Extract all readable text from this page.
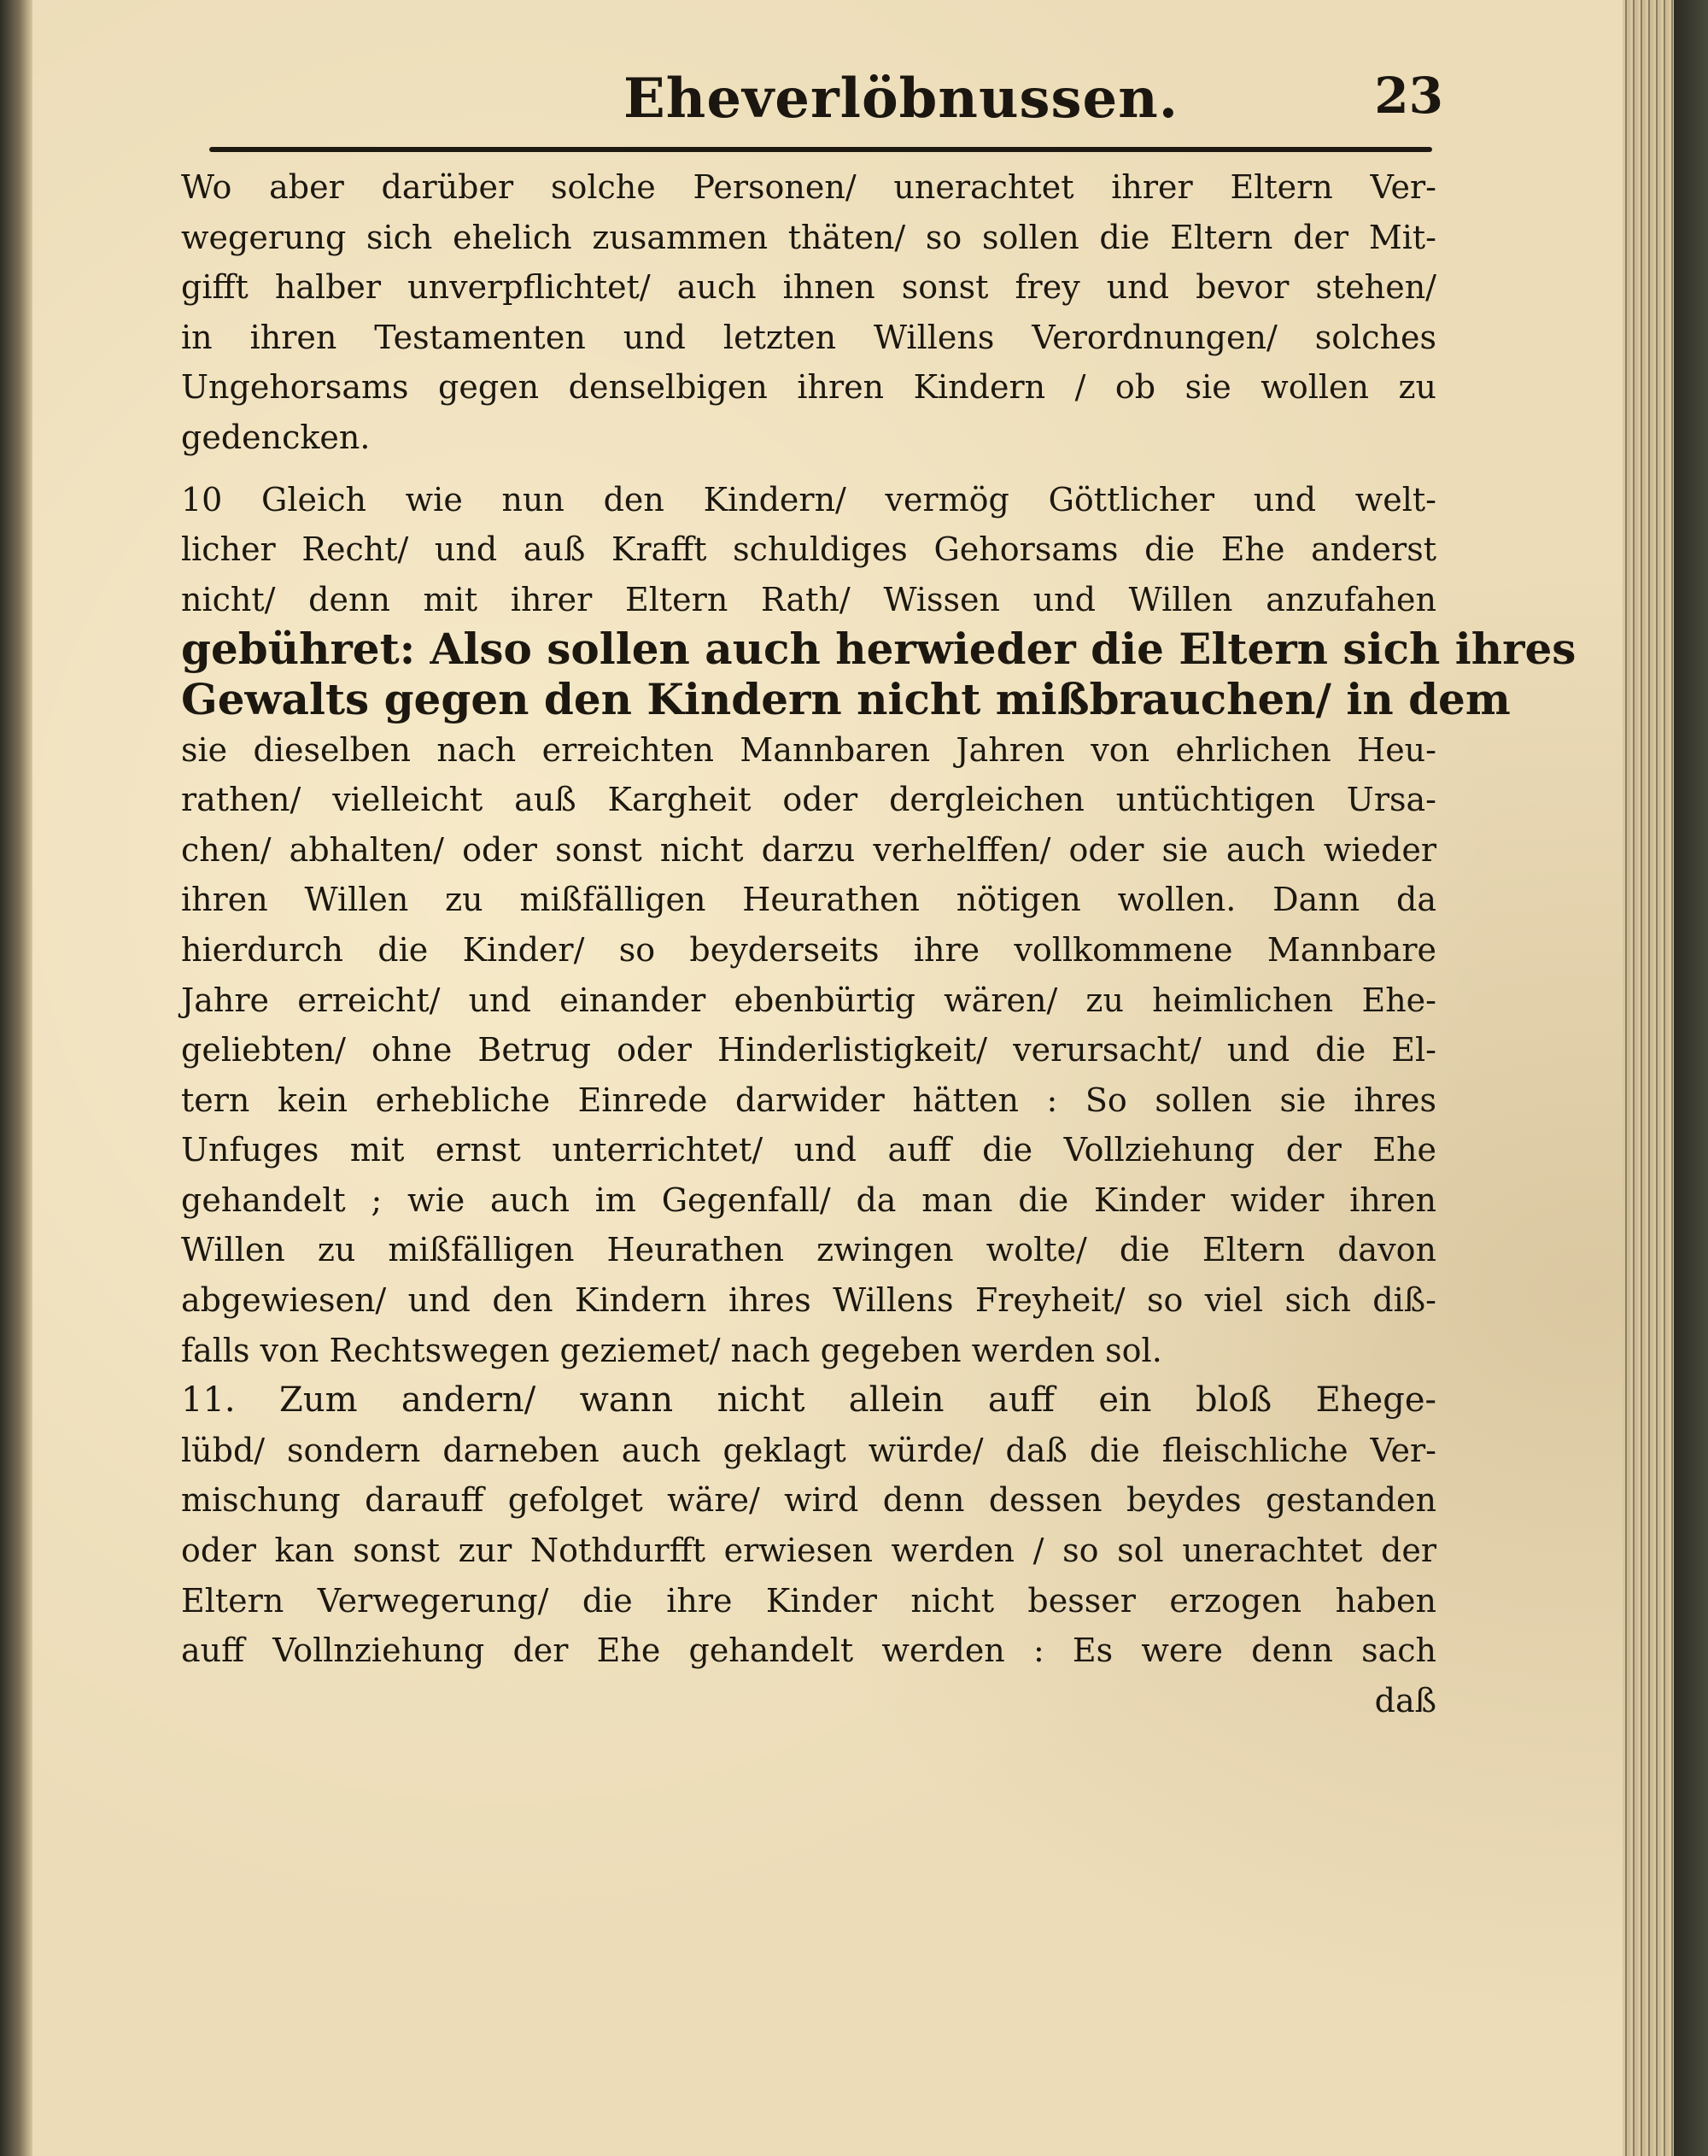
Eheverlöbnussen.	23
Wo aber darüber solche Personen/ unerachtet ihrer Eltern Ver-
wegerung sich ehelich zusammen thäten/ so sollen die Eltern der Mit-
gifft halber unverpflichtet/ auch ihnen sonst frey und bevor stehen/
in ihren Testamenten und letzten Willens Verordnungen/ solches
Ungehorsams gegen denselbigen ihren Kindern / ob sie wollen zu
gedencken.
10 Gleich wie nun den Kindern/ vermög Göttlicher und welt-
licher Recht/ und auß Krafft schuldiges Gehorsams die Ehe anderst
nicht/ denn mit ihrer Eltern Rath/ Wissen und Willen anzufahen
gebühret: Also sollen auch herwieder die Eltern sich ihres
Gewalts gegen den Kindern nicht mißbrauchen/ in dem
sie dieselben nach erreichten Mannbaren Jahren von ehrlichen Heu-
rathen/ vielleicht auß Kargheit oder dergleichen untüchtigen Ursa-
chen/ abhalten/ oder sonst nicht darzu verhelffen/ oder sie auch wieder
ihren Willen zu mißfälligen Heurathen nötigen wollen. Dann da
hierdurch die Kinder/ so beyderseits ihre vollkommene Mannbare
Jahre erreicht/ und einander ebenbürtig wären/ zu heimlichen Ehe-
geliebten/ ohne Betrug oder Hinderlistigkeit/ verursacht/ und die El-
tern kein erhebliche Einrede darwider hätten : So sollen sie ihres
Unfuges mit ernst unterrichtet/ und auff die Vollziehung der Ehe
gehandelt ; wie auch im Gegenfall/ da man die Kinder wider ihren
Willen zu mißfälligen Heurathen zwingen wolte/ die Eltern davon
abgewiesen/ und den Kindern ihres Willens Freyheit/ so viel sich diß-
falls von Rechtswegen geziemet/ nach gegeben werden sol.
11. Zum andern/ wann nicht allein auff ein bloß Ehege-
lübd/ sondern darneben auch geklagt würde/ daß die fleischliche Ver-
mischung darauff gefolget wäre/ wird denn dessen beydes gestanden
oder kan sonst zur Nothdurfft erwiesen werden / so sol unerachtet der
Eltern Verwegerung/ die ihre Kinder nicht besser erzogen haben
auff Vollnziehung der Ehe gehandelt werden : Es were denn sach
daß
